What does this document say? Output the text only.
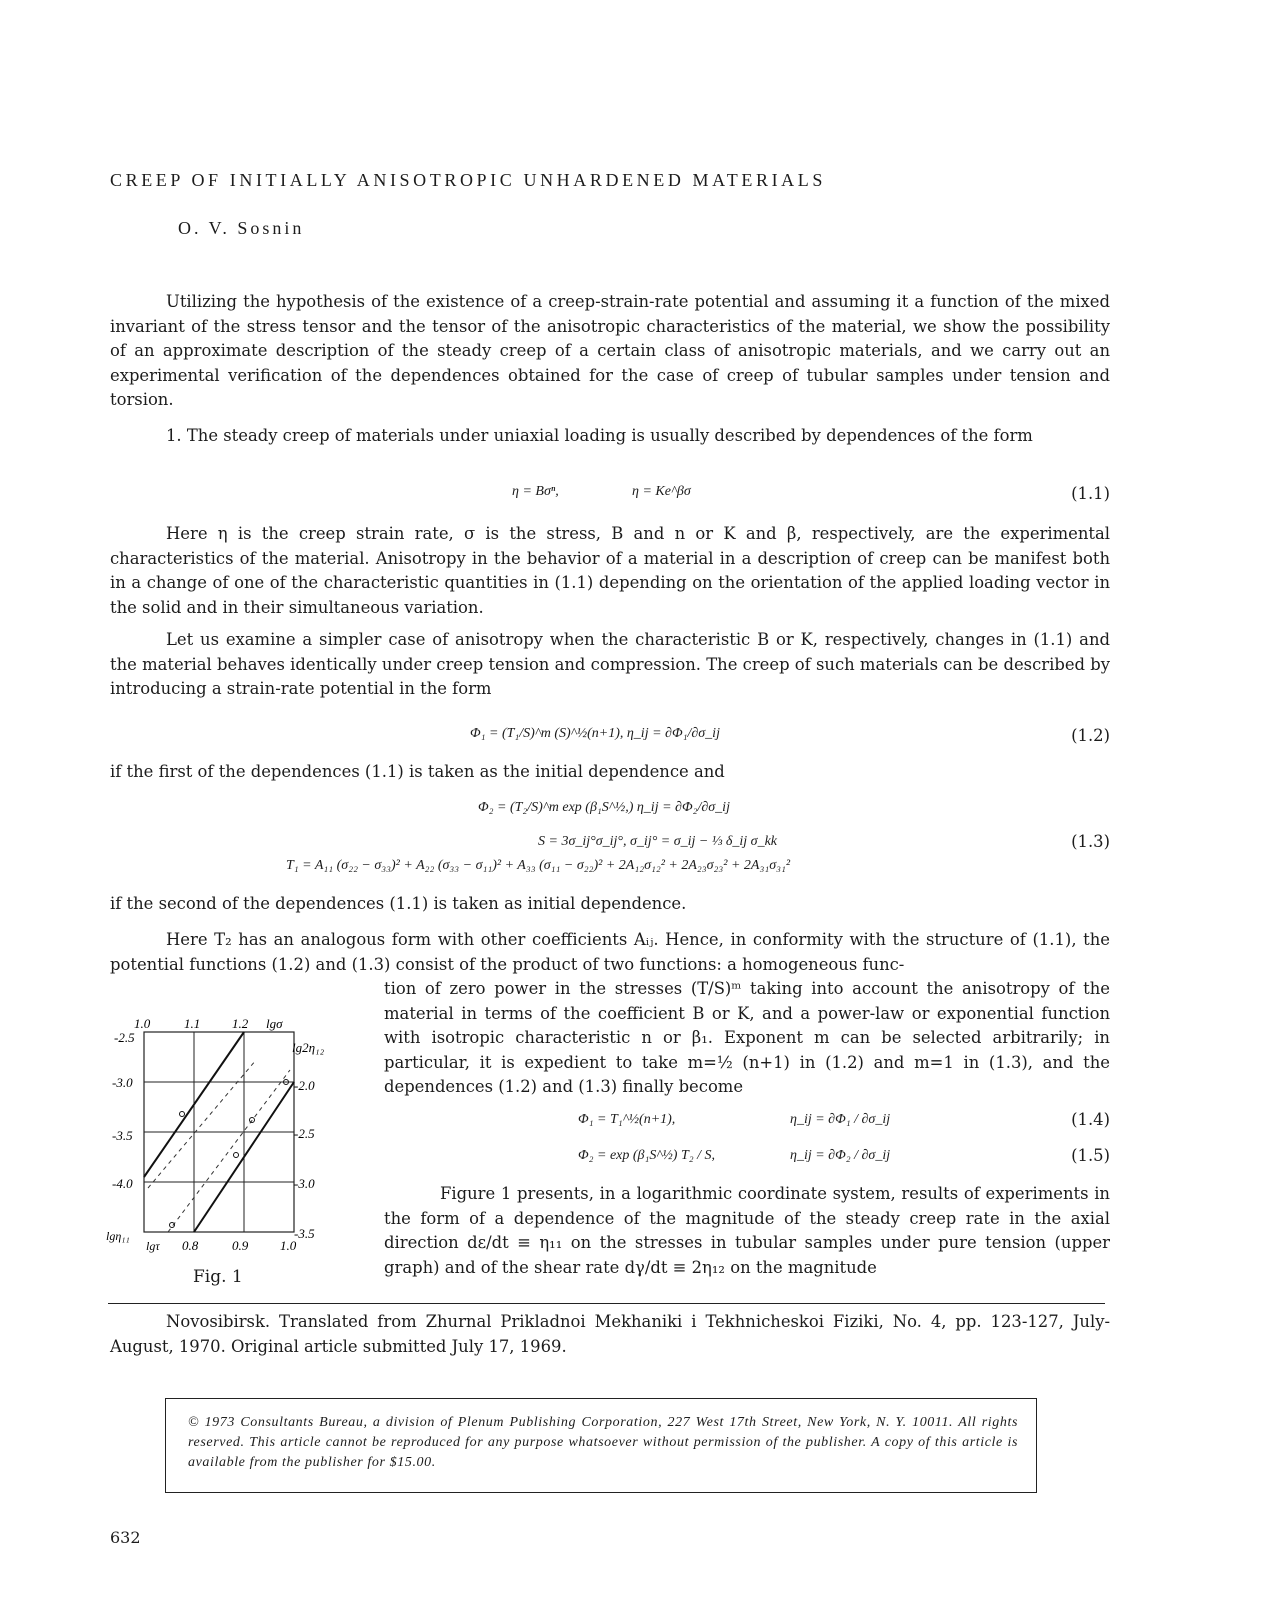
CREEP OF INITIALLY ANISOTROPIC UNHARDENED MATERIALS
O. V. Sosnin
Utilizing the hypothesis of the existence of a creep-strain-rate potential and assuming it a function of the mixed invariant of the stress tensor and the tensor of the anisotropic characteristics of the material, we show the possibility of an approximate description of the steady creep of a certain class of anisotropic materials, and we carry out an experimental verification of the dependences obtained for the case of creep of tubular samples under tension and torsion.
1. The steady creep of materials under uniaxial loading is usually described by dependences of the form
η = Bσⁿ,	η = Ke^βσ	(1.1)
Here η is the creep strain rate, σ is the stress, B and n or K and β, respectively, are the experimental characteristics of the material. Anisotropy in the behavior of a material in a description of creep can be manifest both in a change of one of the characteristic quantities in (1.1) depending on the orientation of the applied loading vector in the solid and in their simultaneous variation.
Let us examine a simpler case of anisotropy when the characteristic B or K, respectively, changes in (1.1) and the material behaves identically under creep tension and compression. The creep of such materials can be described by introducing a strain-rate potential in the form
Φ₁ = (T₁/S)^m (S)^½(n+1), η_ij = ∂Φ₁/∂σ_ij	(1.2)
if the first of the dependences (1.1) is taken as the initial dependence and
Φ₂ = (T₂/S)^m exp (β₁S^½,) η_ij = ∂Φ₂/∂σ_ij
S = 3σ_ij°σ_ij°, σ_ij° = σ_ij − ⅓ δ_ij σ_kk
T₁ = A₁₁ (σ₂₂ − σ₃₃)² + A₂₂ (σ₃₃ − σ₁₁)² + A₃₃ (σ₁₁ − σ₂₂)² + 2A₁₂σ₁₂² + 2A₂₃σ₂₃² + 2A₃₁σ₃₁²
(1.3)
if the second of the dependences (1.1) is taken as initial dependence.
Here T₂ has an analogous form with other coefficients Aᵢⱼ. Hence, in conformity with the structure of (1.1), the potential functions (1.2) and (1.3) consist of the product of two functions: a homogeneous func-
tion of zero power in the stresses (T/S)ᵐ taking into account the anisotropy of the material in terms of the coefficient B or K, and a power-law or exponential function with isotropic characteristic n or β₁. Exponent m can be selected arbitrarily; in particular, it is expedient to take m=½ (n+1) in (1.2) and m=1 in (1.3), and the dependences (1.2) and (1.3) finally become
Φ₁ = T₁^½(n+1),	η_ij = ∂Φ₁ / ∂σ_ij	(1.4)
Φ₂ = exp (β₁S^½) T₂ / S,	η_ij = ∂Φ₂ / ∂σ_ij	(1.5)
Figure 1 presents, in a logarithmic coordinate system, results of experiments in the form of a dependence of the magnitude of the steady creep rate in the axial direction dε/dt ≡ η₁₁ on the stresses in tubular samples under pure tension (upper graph) and of the shear rate dγ/dt ≡ 2η₁₂ on the magnitude
1.0	1.1 1.2 lgσ
-2.5
-3.0
-3.5
-4.0
lg2η₁₂
-2.0
-2.5
-3.0
-3.5
lgη₁₁
lgτ 0.8	0.9 1.0
Fig. 1
Novosibirsk. Translated from Zhurnal Prikladnoi Mekhaniki i Tekhnicheskoi Fiziki, No. 4, pp. 123-127, July-August, 1970. Original article submitted July 17, 1969.
© 1973 Consultants Bureau, a division of Plenum Publishing Corporation, 227 West 17th Street, New York, N. Y. 10011. All rights reserved. This article cannot be reproduced for any purpose whatsoever without permission of the publisher. A copy of this article is available from the publisher for $15.00.
632
